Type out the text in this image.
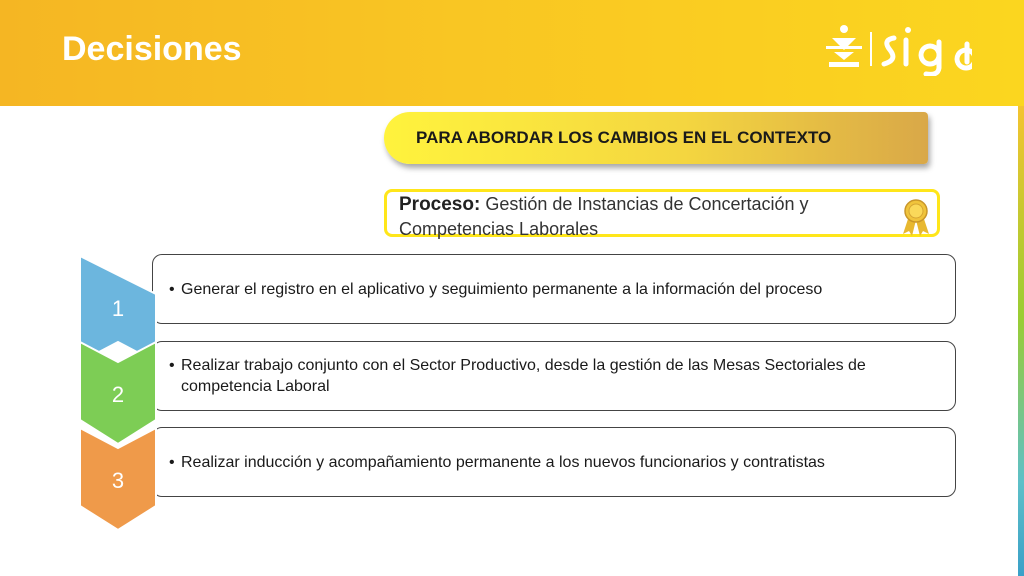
Decisiones
PARA ABORDAR LOS CAMBIOS EN EL CONTEXTO
Proceso: Gestión de Instancias de Concertación y Competencias Laborales
• Generar el registro en el aplicativo y seguimiento permanente a la información del proceso
• Realizar trabajo conjunto con el Sector Productivo, desde la gestión de las Mesas Sectoriales de competencia Laboral
• Realizar inducción y acompañamiento permanente a los nuevos funcionarios y contratistas
1
2
3
